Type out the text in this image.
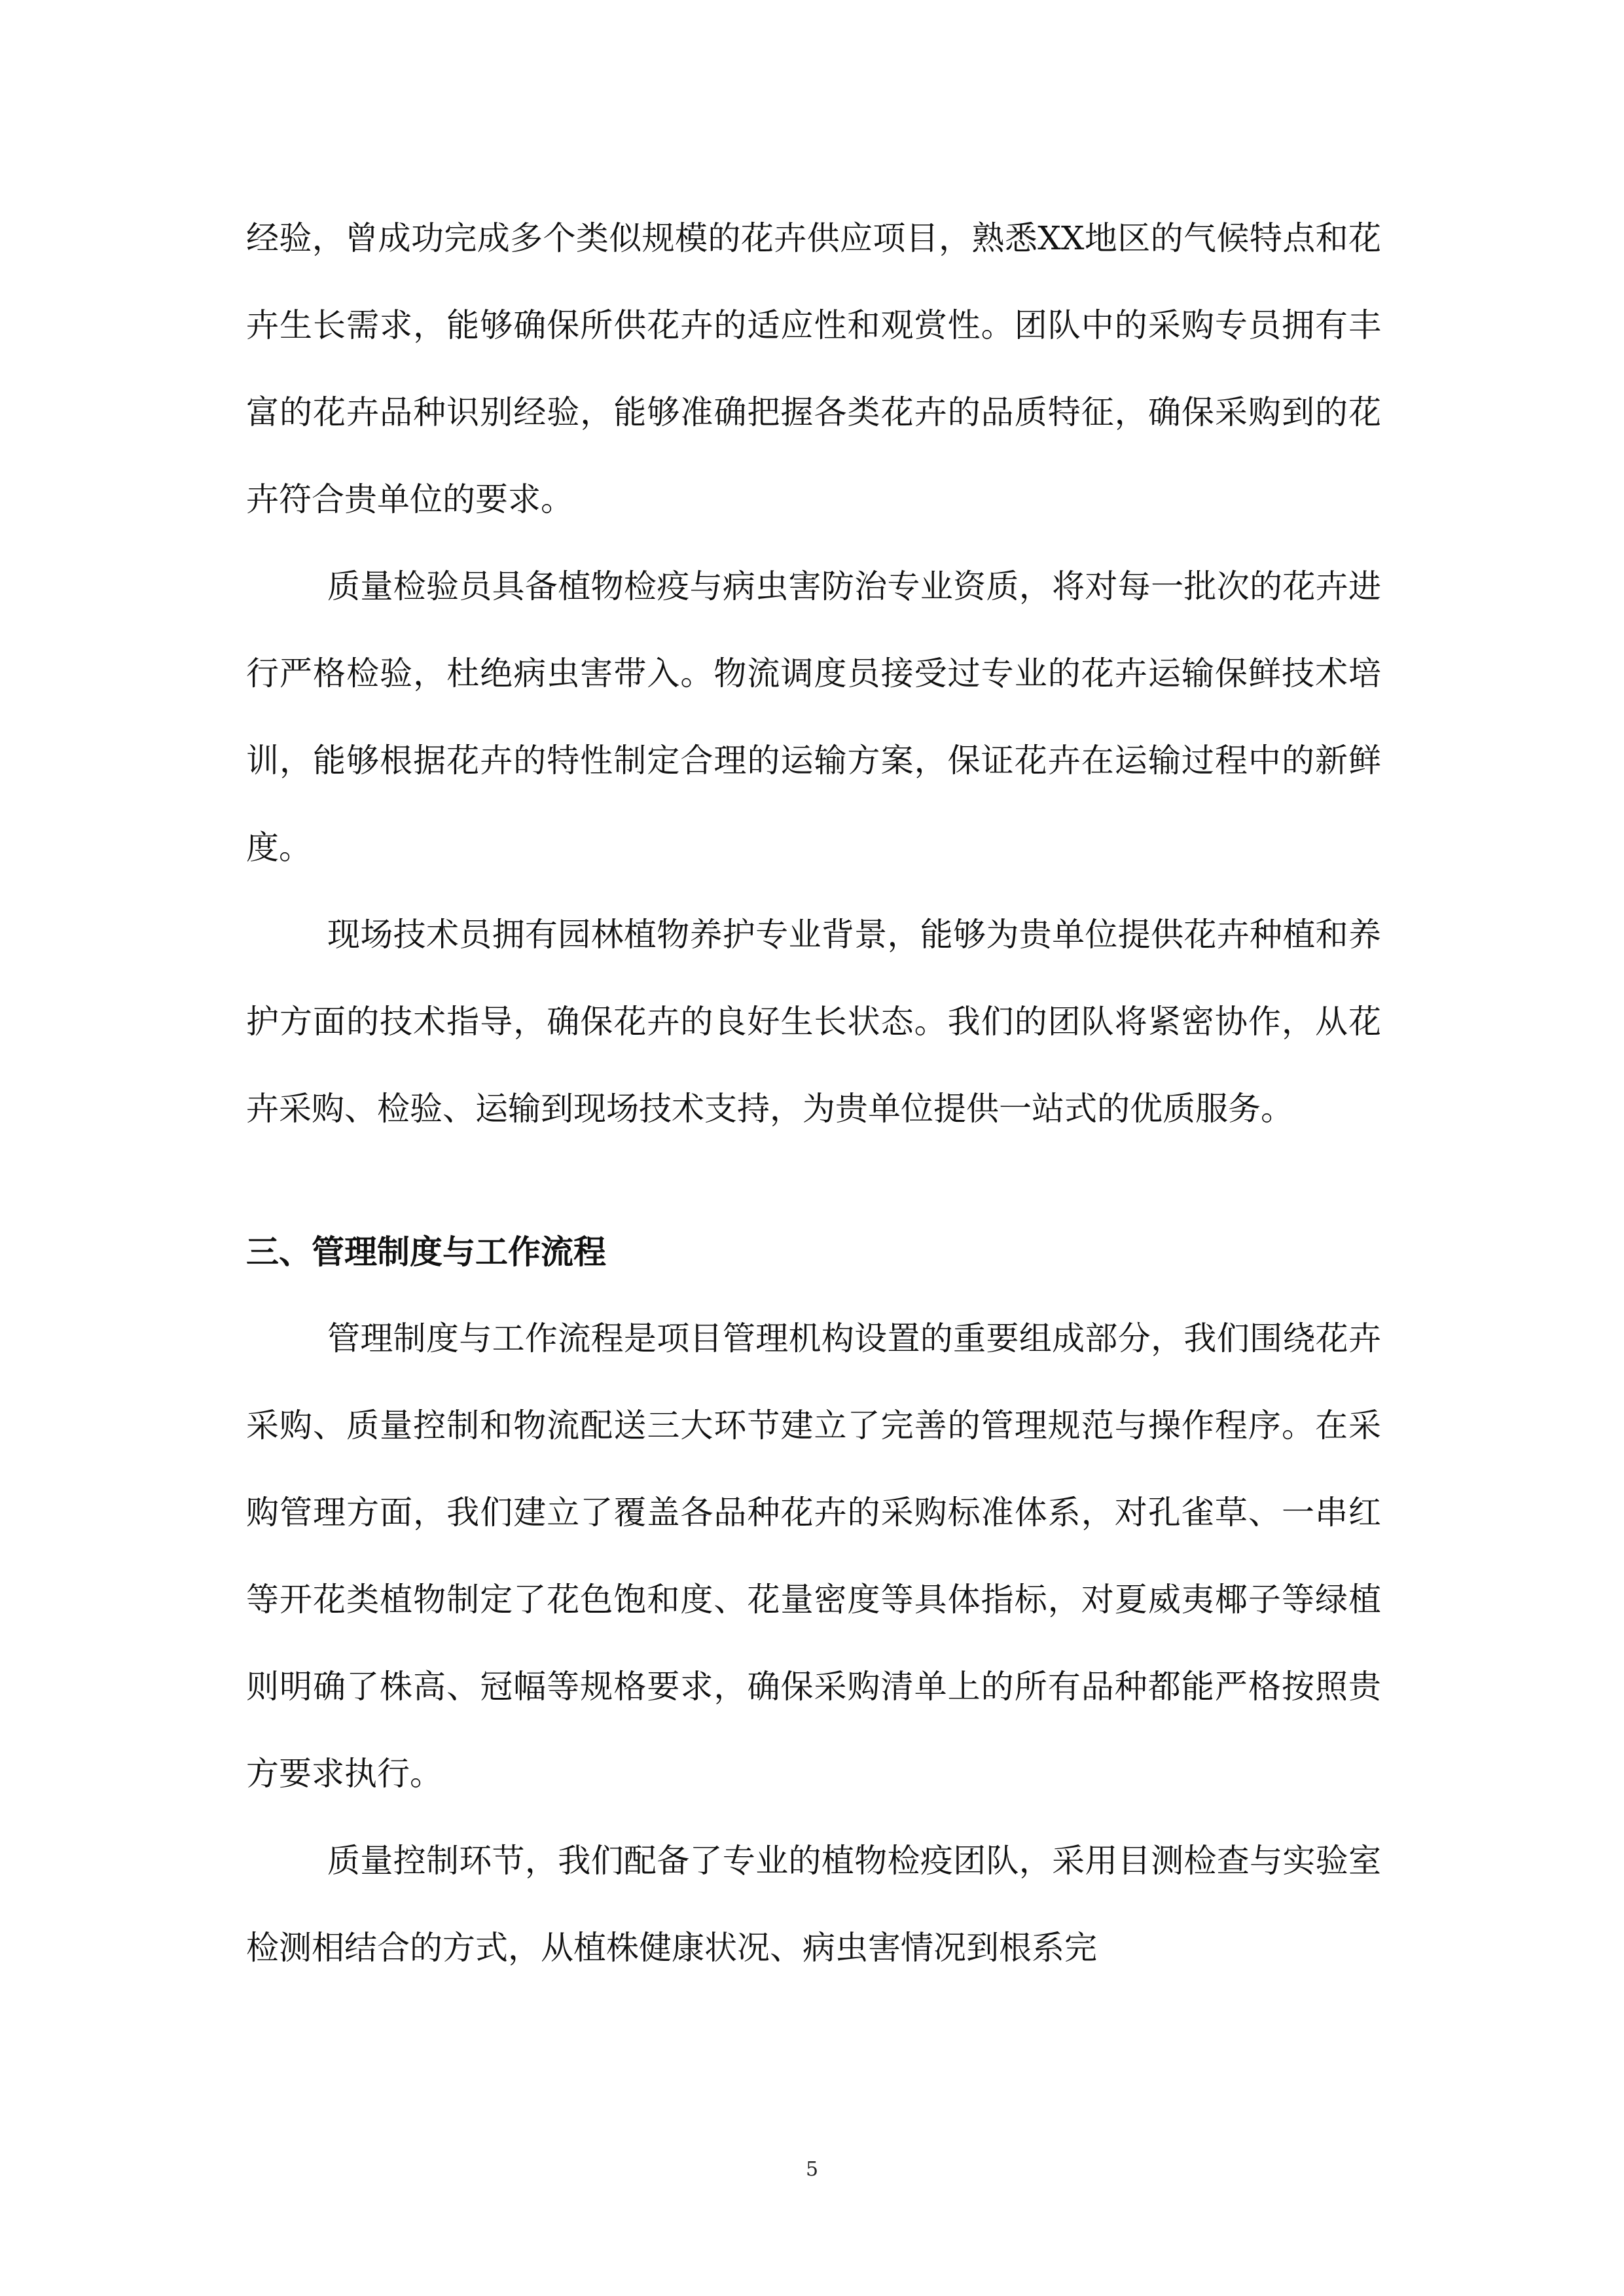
经验，曾成功完成多个类似规模的花卉供应项目，熟悉XX地区的气候特点和花卉生长需求，能够确保所供花卉的适应性和观赏性。团队中的采购专员拥有丰富的花卉品种识别经验，能够准确把握各类花卉的品质特征，确保采购到的花卉符合贵单位的要求。

质量检验员具备植物检疫与病虫害防治专业资质，将对每一批次的花卉进行严格检验，杜绝病虫害带入。物流调度员接受过专业的花卉运输保鲜技术培训，能够根据花卉的特性制定合理的运输方案，保证花卉在运输过程中的新鲜度。

现场技术员拥有园林植物养护专业背景，能够为贵单位提供花卉种植和养护方面的技术指导，确保花卉的良好生长状态。我们的团队将紧密协作，从花卉采购、检验、运输到现场技术支持，为贵单位提供一站式的优质服务。

三、管理制度与工作流程

管理制度与工作流程是项目管理机构设置的重要组成部分，我们围绕花卉采购、质量控制和物流配送三大环节建立了完善的管理规范与操作程序。在采购管理方面，我们建立了覆盖各品种花卉的采购标准体系，对孔雀草、一串红等开花类植物制定了花色饱和度、花量密度等具体指标，对夏威夷椰子等绿植则明确了株高、冠幅等规格要求，确保采购清单上的所有品种都能严格按照贵方要求执行。

质量控制环节，我们配备了专业的植物检疫团队，采用目测检查与实验室检测相结合的方式，从植株健康状况、病虫害情况到根系完

5
